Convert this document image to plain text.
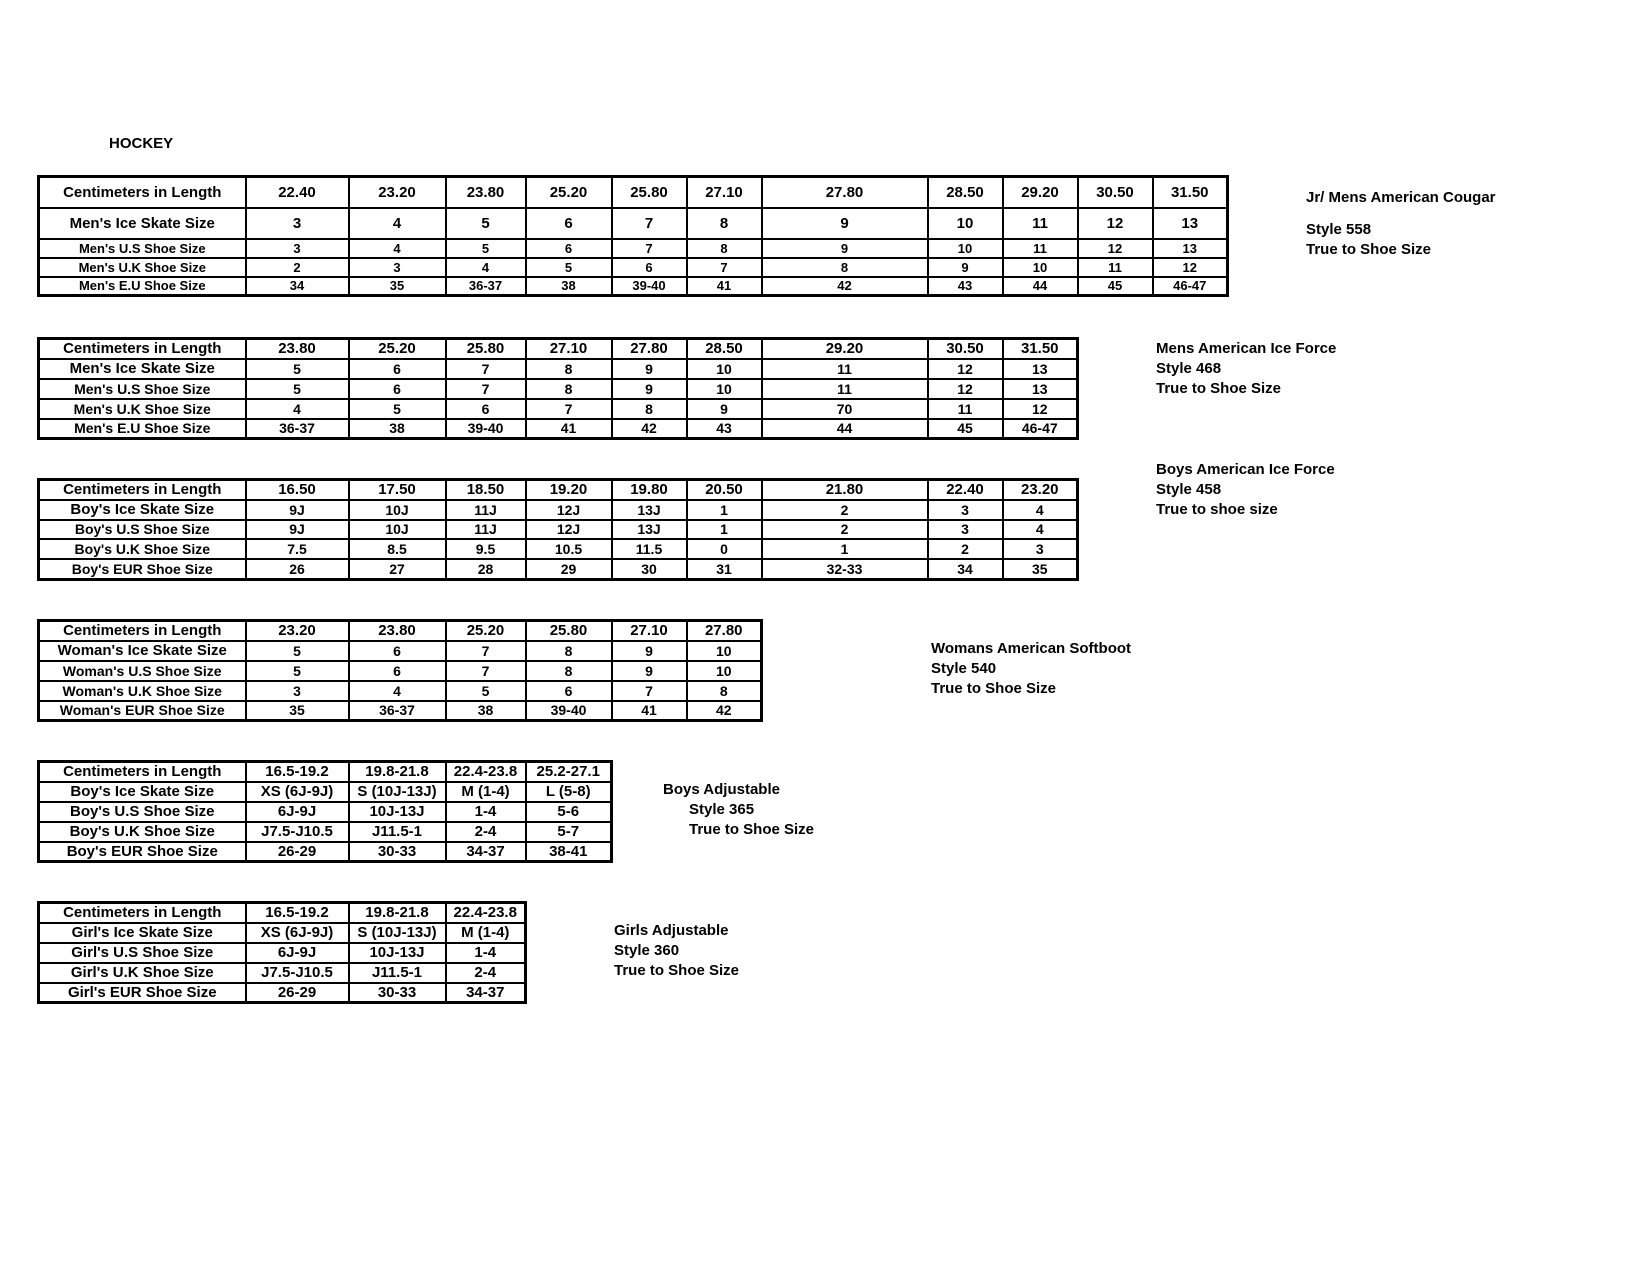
HOCKEY
Centimeters in Length	22.40	23.20	23.80	25.20	25.80	27.10	27.80	28.50	29.20	30.50	31.50
Men's Ice Skate Size	3	4	5	6	7	8	9	10	11	12	13
Men's U.S Shoe Size	3	4	5	6	7	8	9	10	11	12	13
Men's U.K Shoe Size	2	3	4	5	6	7	8	9	10	11	12
Men's E.U Shoe Size	34	35	36-37	38	39-40	41	42	43	44	45	46-47
Centimeters in Length	23.80	25.20	25.80	27.10	27.80	28.50	29.20	30.50	31.50
Men's Ice Skate Size	5	6	7	8	9	10	11	12	13
Men's U.S Shoe Size	5	6	7	8	9	10	11	12	13
Men's U.K Shoe Size	4	5	6	7	8	9	70	11	12
Men's E.U Shoe Size	36-37	38	39-40	41	42	43	44	45	46-47
Centimeters in Length	16.50	17.50	18.50	19.20	19.80	20.50	21.80	22.40	23.20
Boy's Ice Skate Size	9J	10J	11J	12J	13J	1	2	3	4
Boy's U.S Shoe Size	9J	10J	11J	12J	13J	1	2	3	4
Boy's U.K Shoe Size	7.5	8.5	9.5	10.5	11.5	0	1	2	3
Boy's EUR Shoe Size	26	27	28	29	30	31	32-33	34	35
Centimeters in Length	23.20	23.80	25.20	25.80	27.10	27.80
Woman's Ice Skate Size	5	6	7	8	9	10
Woman's U.S Shoe Size	5	6	7	8	9	10
Woman's U.K Shoe Size	3	4	5	6	7	8
Woman's EUR Shoe Size	35	36-37	38	39-40	41	42
Centimeters in Length	16.5-19.2	19.8-21.8	22.4-23.8	25.2-27.1
Boy's Ice Skate Size	XS (6J-9J)	S (10J-13J)	M (1-4)	L (5-8)
Boy's U.S Shoe Size	6J-9J	10J-13J	1-4	5-6
Boy's U.K Shoe Size	J7.5-J10.5	J11.5-1	2-4	5-7
Boy's EUR Shoe Size	26-29	30-33	34-37	38-41
Centimeters in Length	16.5-19.2	19.8-21.8	22.4-23.8
Girl's Ice Skate Size	XS (6J-9J)	S (10J-13J)	M (1-4)
Girl's U.S Shoe Size	6J-9J	10J-13J	1-4
Girl's U.K Shoe Size	J7.5-J10.5	J11.5-1	2-4
Girl's EUR Shoe Size	26-29	30-33	34-37
Jr/ Mens American Cougar
Style 558
True to Shoe Size
Mens American Ice Force
Style 468
True to Shoe Size
Boys American Ice Force
Style 458
True to shoe size
Womans American Softboot
Style 540
True to Shoe Size
Boys Adjustable
Style 365
True to Shoe Size
Girls Adjustable
Style 360
True to Shoe Size
